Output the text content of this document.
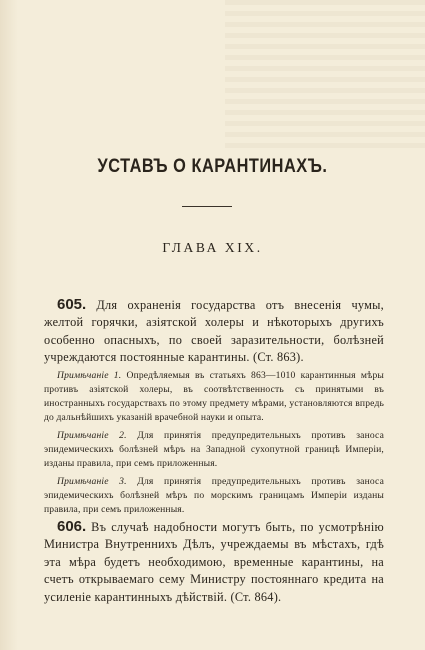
УСТАВЪ О КАРАНТИНАХЪ.
ГЛАВА XIX.

605. Для охраненія государства отъ внесенія чумы, желтой горячки, азіятской холеры и нѣкоторыхъ другихъ особенно опасныхъ, по своей заразительности, болѣзней учреждаются постоянные карантины. (Ст. 863).

Примѣчаніе 1. Опредѣляемыя въ статьяхъ 863—1010 карантинныя мѣры противъ азіятской холеры, въ соотвѣтственность съ принятыми въ иностранныхъ государствахъ по этому предмету мѣрами, установляются впредь до дальнѣйшихъ указаній врачебной науки и опыта.

Примѣчаніе 2. Для принятія предупредительныхъ противъ заноса эпидемическихъ болѣзней мѣръ на Западной сухопутной границѣ Имперіи, изданы правила, при семъ приложенныя.

Примѣчаніе 3. Для принятія предупредительныхъ противъ заноса эпидемическихъ болѣзней мѣръ по морскимъ границамъ Имперіи изданы правила, при семъ приложенныя.

606. Въ случаѣ надобности могутъ быть, по усмотрѣнію Министра Внутреннихъ Дѣлъ, учреждаемы въ мѣстахъ, гдѣ эта мѣра будетъ необходимою, временные карантины, на счетъ открываемаго сему Министру постояннаго кредита на усиленіе карантинныхъ дѣйствій. (Ст. 864).
